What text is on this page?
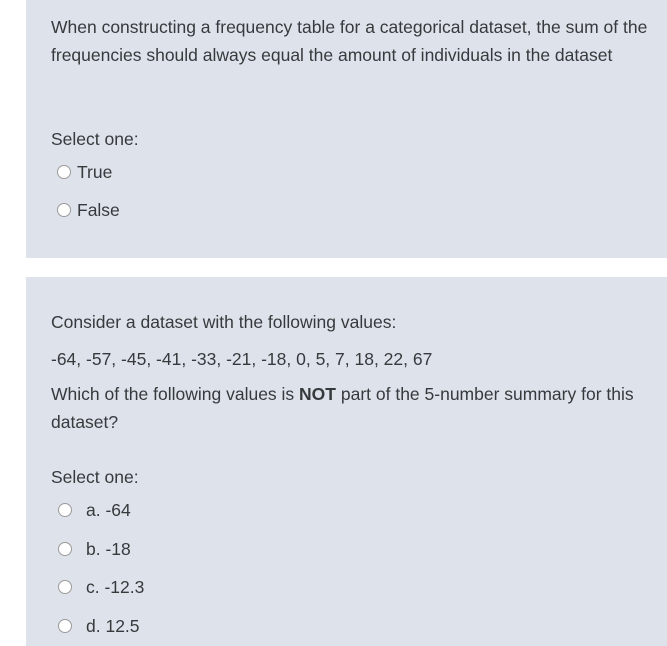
When constructing a frequency table for a categorical dataset, the sum of the frequencies should always equal the amount of individuals in the dataset

Select one:
True
False

Consider a dataset with the following values:

-64, -57, -45, -41, -33, -21, -18, 0, 5, 7, 18, 22, 67

Which of the following values is NOT part of the 5-number summary for this dataset?

Select one:
a. -64
b. -18
c. -12.3
d. 12.5
